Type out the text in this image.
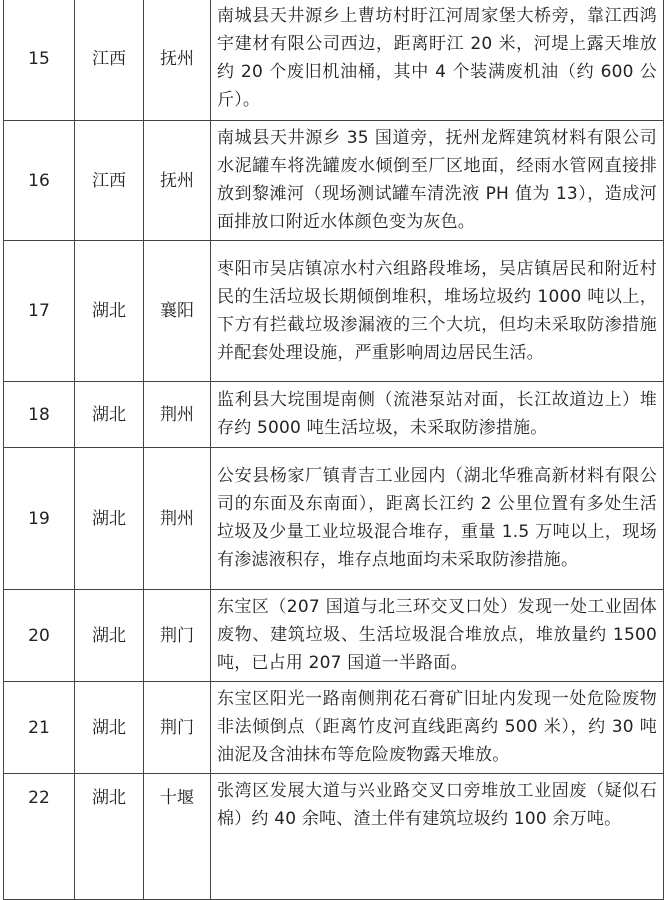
15	江西	抚州	南城县天井源乡上曹坊村盱江河周家堡大桥旁，靠江西鸿宇建材有限公司西边，距离盱江 20 米，河堤上露天堆放约 20 个废旧机油桶，其中 4 个装满废机油（约 600 公斤）。
16	江西	抚州	南城县天井源乡 35 国道旁，抚州龙辉建筑材料有限公司水泥罐车将洗罐废水倾倒至厂区地面，经雨水管网直接排放到黎滩河（现场测试罐车清洗液 PH 值为 13），造成河面排放口附近水体颜色变为灰色。
17	湖北	襄阳	枣阳市吴店镇凉水村六组路段堆场，吴店镇居民和附近村民的生活垃圾长期倾倒堆积，堆场垃圾约 1000 吨以上，下方有拦截垃圾渗漏液的三个大坑，但均未采取防渗措施并配套处理设施，严重影响周边居民生活。
18	湖北	荆州	监利县大垸围堤南侧（流港泵站对面，长江故道边上）堆存约 5000 吨生活垃圾，未采取防渗措施。
19	湖北	荆州	公安县杨家厂镇青吉工业园内（湖北华雅高新材料有限公司的东面及东南面），距离长江约 2 公里位置有多处生活垃圾及少量工业垃圾混合堆存，重量 1.5 万吨以上，现场有渗滤液积存，堆存点地面均未采取防渗措施。
20	湖北	荆门	东宝区（207 国道与北三环交叉口处）发现一处工业固体废物、建筑垃圾、生活垃圾混合堆放点，堆放量约 1500 吨，已占用 207 国道一半路面。
21	湖北	荆门	东宝区阳光一路南侧荆花石膏矿旧址内发现一处危险废物非法倾倒点（距离竹皮河直线距离约 500 米），约 30 吨油泥及含油抹布等危险废物露天堆放。
22	湖北	十堰	张湾区发展大道与兴业路交叉口旁堆放工业固废（疑似石棉）约 40 余吨、渣土伴有建筑垃圾约 100 余万吨。
